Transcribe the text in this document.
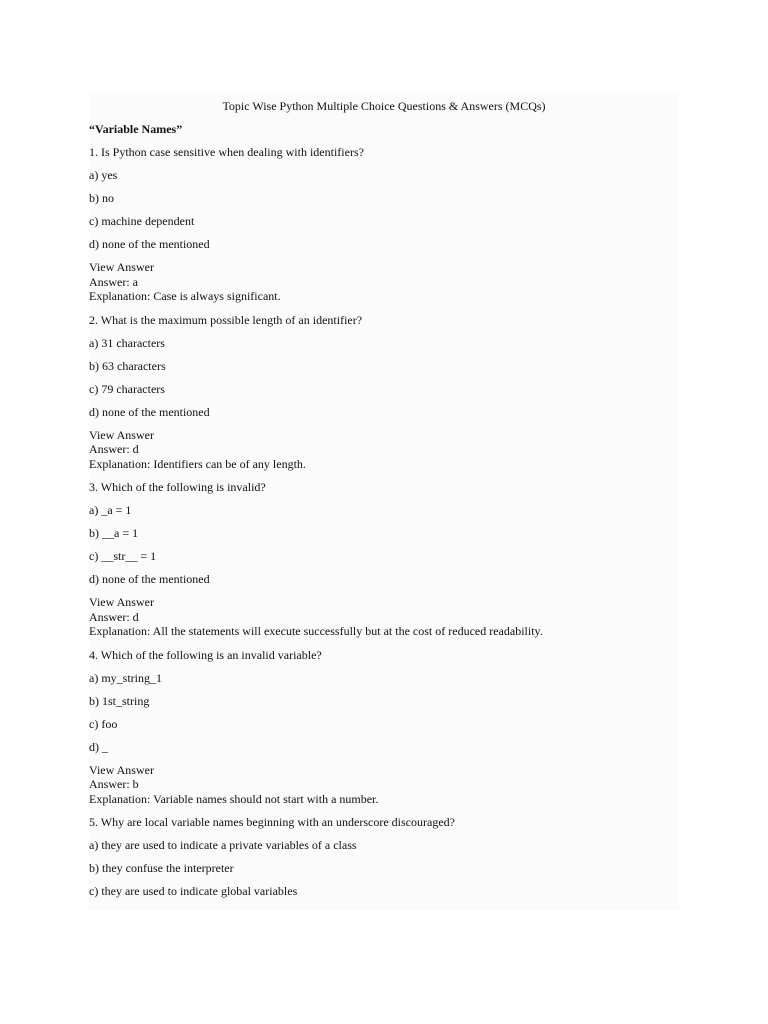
Topic Wise Python Multiple Choice Questions & Answers (MCQs)
“Variable Names”
1. Is Python case sensitive when dealing with identifiers?
a) yes
b) no
c) machine dependent
d) none of the mentioned
View Answer
Answer: a
Explanation: Case is always significant.
2. What is the maximum possible length of an identifier?
a) 31 characters
b) 63 characters
c) 79 characters
d) none of the mentioned
View Answer
Answer: d
Explanation: Identifiers can be of any length.
3. Which of the following is invalid?
a) _a = 1
b) __a = 1
c) __str__ = 1
d) none of the mentioned
View Answer
Answer: d
Explanation: All the statements will execute successfully but at the cost of reduced readability.
4. Which of the following is an invalid variable?
a) my_string_1
b) 1st_string
c) foo
d) _
View Answer
Answer: b
Explanation: Variable names should not start with a number.
5. Why are local variable names beginning with an underscore discouraged?
a) they are used to indicate a private variables of a class
b) they confuse the interpreter
c) they are used to indicate global variables
